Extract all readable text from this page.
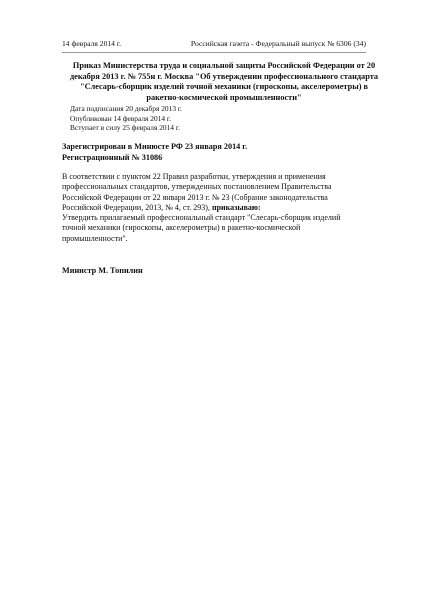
14 февраля 2014 г.	Российская газета - Федеральный выпуск № 6306 (34)
Приказ Министерства труда и социальной защиты Российской Федерации от 20
декабря 2013 г. № 755н г. Москва "Об утверждении профессионального стандарта
"Слесарь-сборщик изделий точной механики (гироскопы, акселерометры) в
ракетно-космической промышленности"
Дата подписания 20 декабря 2013 г.
Опубликован 14 февраля 2014 г.
Вступает в силу 25 февраля 2014 г.
Зарегистрирован в Минюсте РФ 23 января 2014 г.
Регистрационный № 31086
В соответствии с пунктом 22 Правил разработки, утверждения и применения
профессиональных стандартов, утвержденных постановлением Правительства
Российской Федерации от 22 января 2013 г. № 23 (Собрание законодательства
Российской Федерации, 2013, № 4, ст. 293), приказываю:
Утвердить прилагаемый профессиональный стандарт "Слесарь-сборщик изделий
точной механики (гироскопы, акселерометры) в ракетно-космической
промышленности".
Министр М. Топилин
